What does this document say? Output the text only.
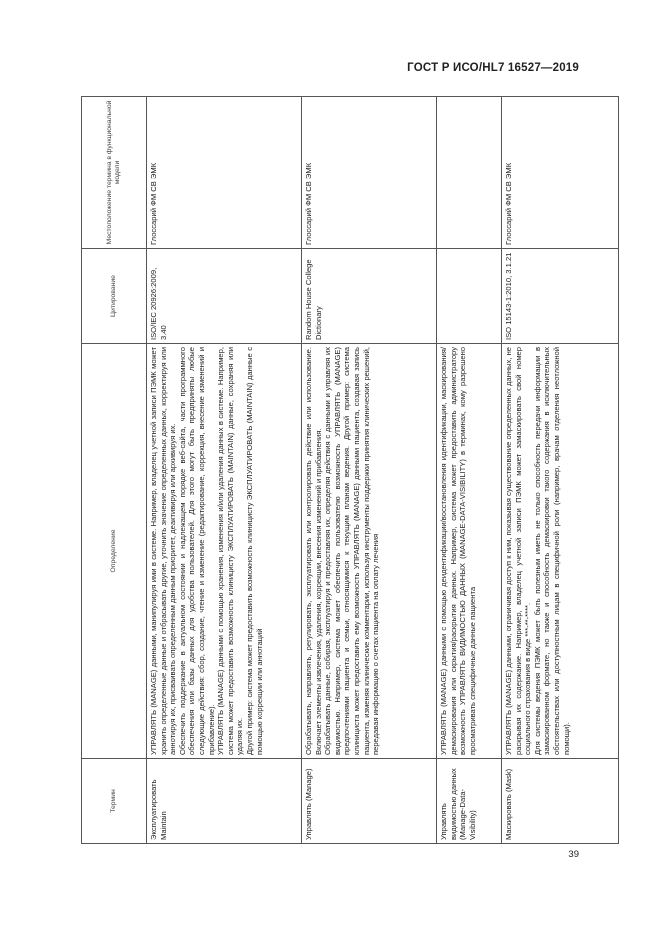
ГОСТ Р ИСО/HL7 16527—2019
Термин	Определение	Цитирование	Местоположение термина в функциональной модели
Эксплуатировать Maintain	УПРАВЛЯТЬ (MANAGE) данными, манипулируя ими в системе. Например, владелец учетной записи ПЭМК может хранить определенные данные и отбрасывать другие, уточнить значение определенных данных, корректируя или аннотируя их, присваивать определенным данным приоритет, деактивируя или архивируя их. Обеспечить поддержание в актуальном состоянии и надлежащем порядке веб-сайта, части программного обеспечения или базы данных для удобства пользователей. Для этого могут быть предприняты любые следующие действия: сбор, создание, чтение и изменение (редактирование, коррекция, внесение изменений и прибавление). УПРАВЛЯТЬ (MANAGE) данными с помощью хранения, изменения и/или удаления данных в системе. Например, система может предоставить возможность клиницисту ЭКСПЛУАТИРОВАТЬ (MAINTAIN) данные, сохраняя или удаляя их. Другой пример: система может предоставить возможность клиницисту ЭКСПЛУАТИРОВАТЬ (MAINTAIN) данные с помощью коррекции или аннотаций	ISO/IEC 20926:2009, 3.40	Глоссарий ФМ СВ ЭМК
Управлять (Manage)	Обрабатывать, направлять, регулировать, эксплуатировать или контролировать действие или использование. Включает элементы извлечения, удаления, коррекции, внесения изменений и прибавления. Обрабатывать данные, собирая, эксплуатируя и предоставляя их, определяя действия с данными и управляя их видимостью. Например, система может обеспечить пользователю возможность УПРАВЛЯТЬ (MANAGE) предпочтениями пациента и семьи, относящимися к текущим планам ведения. Другой пример: система клинициста может предоставить ему возможность УПРАВЛЯТЬ (MANAGE) данными пациента, создавая запись пациента, изменяя клинические комментарии, используя инструменты поддержки принятия клинических решений, передавая информацию о счетах пациента на оплату лечения	Random House College Dictionary	Глоссарий ФМ СВ ЭМК
Управлять видимостью данных (Manage-Data-Visibility)	УПРАВЛЯТЬ (MANAGE) данными с помощью деидентификации/восстановления идентификации, маскирования/демаскирования или скрытия/раскрытия данных. Например, система может предоставить администратору возможность УПРАВЛЯТЬ ВИДИМОСТЬЮ ДАННЫХ (MANAGE-DATA-VISIBILITY) в терминах, кому разрешено просматривать специфичные данные пациента		

Маскировать (Mask)	УПРАВЛЯТЬ (MANAGE) данными, ограничивая доступ к ним, показывая существование определенных данных, не раскрывая их содержание. Например, владелец учетной записи ПЭМК может замаскировать свой номер социального страхования в виде ***-**-****. Для системы ведения ПЭМК может быть полезным иметь не только способность передачи информации в замаскированном формате, но также и способность демаскировки такого содержания в исключительных обстоятельствах или доступностным лицам в специфичной роли (например, врачам отделения неотложной помощи).	ISO 15143-1:2010, 3.1.21	Глоссарий ФМ СВ ЭМК
39
